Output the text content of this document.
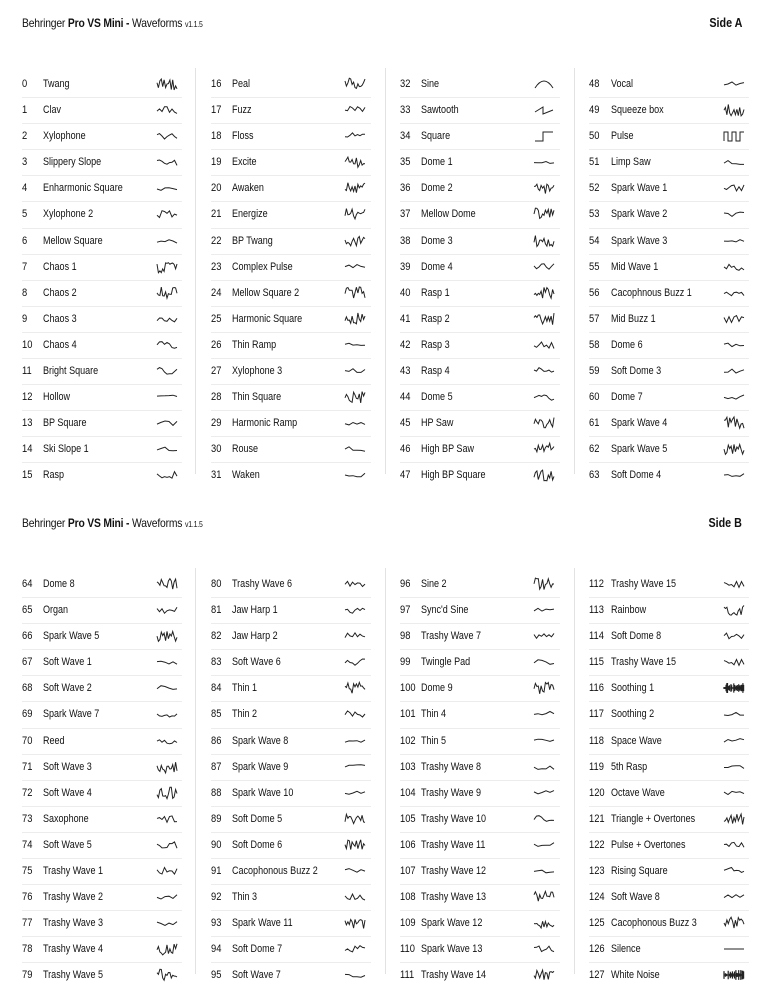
Behringer Pro VS Mini - Waveforms v1.1.5	Side A
0 Twang
1 Clav
2 Xylophone
3 Slippery Slope
4 Enharmonic Square
5 Xylophone 2
6 Mellow Square
7 Chaos 1
8 Chaos 2
9 Chaos 3
10 Chaos 4
11 Bright Square
12 Hollow
13 BP Square
14 Ski Slope 1
15 Rasp
16 Peal
17 Fuzz
18 Floss
19 Excite
20 Awaken
21 Energize
22 BP Twang
23 Complex Pulse
24 Mellow Square 2
25 Harmonic Square
26 Thin Ramp
27 Xylophone 3
28 Thin Square
29 Harmonic Ramp
30 Rouse
31 Waken
32 Sine
33 Sawtooth
34 Square
35 Dome 1
36 Dome 2
37 Mellow Dome
38 Dome 3
39 Dome 4
40 Rasp 1
41 Rasp 2
42 Rasp 3
43 Rasp 4
44 Dome 5
45 HP Saw
46 High BP Saw
47 High BP Square
48 Vocal
49 Squeeze box
50 Pulse
51 Limp Saw
52 Spark Wave 1
53 Spark Wave 2
54 Spark Wave 3
55 Mid Wave 1
56 Cacophnous Buzz 1
57 Mid Buzz 1
58 Dome 6
59 Soft Dome 3
60 Dome 7
61 Spark Wave 4
62 Spark Wave 5
63 Soft Dome 4
Behringer Pro VS Mini - Waveforms v1.1.5	Side B
64 Dome 8
65 Organ
66 Spark Wave 5
67 Soft Wave 1
68 Soft Wave 2
69 Spark Wave 7
70 Reed
71 Soft Wave 3
72 Soft Wave 4
73 Saxophone
74 Soft Wave 5
75 Trashy Wave 1
76 Trashy Wave 2
77 Trashy Wave 3
78 Trashy Wave 4
79 Trashy Wave 5
80 Trashy Wave 6
81 Jaw Harp 1
82 Jaw Harp 2
83 Soft Wave 6
84 Thin 1
85 Thin 2
86 Spark Wave 8
87 Spark Wave 9
88 Spark Wave 10
89 Soft Dome 5
90 Soft Dome 6
91 Cacophonous Buzz 2
92 Thin 3
93 Spark Wave 11
94 Soft Dome 7
95 Soft Wave 7
96 Sine 2
97 Sync'd Sine
98 Trashy Wave 7
99 Twingle Pad
100 Dome 9
101 Thin 4
102 Thin 5
103 Trashy Wave 8
104 Trashy Wave 9
105 Trashy Wave 10
106 Trashy Wave 11
107 Trashy Wave 12
108 Trashy Wave 13
109 Spark Wave 12
110 Spark Wave 13
111 Trashy Wave 14
112 Trashy Wave 15
113 Rainbow
114 Soft Dome 8
115 Trashy Wave 15
116 Soothing 1
117 Soothing 2
118 Space Wave
119 5th Rasp
120 Octave Wave
121 Triangle + Overtones
122 Pulse + Overtones
123 Rising Square
124 Soft Wave 8
125 Cacophonous Buzz 3
126 Silence
127 White Noise
